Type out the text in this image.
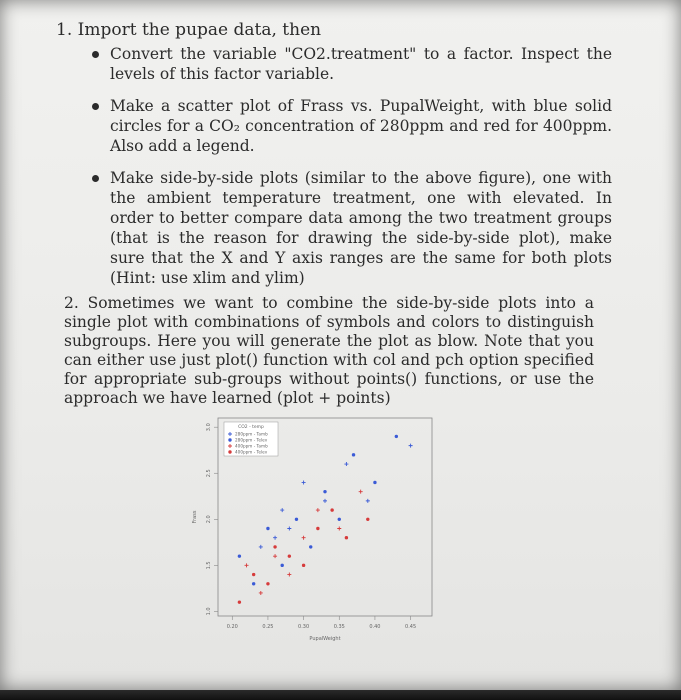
1. Import the pupae data, then
Convert the variable "CO2.treatment" to a factor. Inspect the levels of this factor variable.
Make a scatter plot of Frass vs. PupalWeight, with blue solid circles for a CO₂ concentration of 280ppm and red for 400ppm. Also add a legend.
Make side-by-side plots (similar to the above figure), one with the ambient temperature treatment, one with elevated. In order to better compare data among the two treatment groups (that is the reason for drawing the side-by-side plot), make sure that the X and Y axis ranges are the same for both plots (Hint: use xlim and ylim)
2. Sometimes we want to combine the side-by-side plots into a single plot with combinations of symbols and colors to distinguish subgroups. Here you will generate the plot as blow. Note that you can either use just plot() function with col and pch option specified for appropriate sub-groups without points() functions, or use the approach we have learned (plot + points)
0.20	0.25	0.30	0.35	0.40	0.45
1.0
1.5
2.0
2.5
3.0
PupalWeight
Frass
CO2 - temp
280ppm - Tamb
280ppm - Telev
400ppm - Tamb
400ppm - Telev
